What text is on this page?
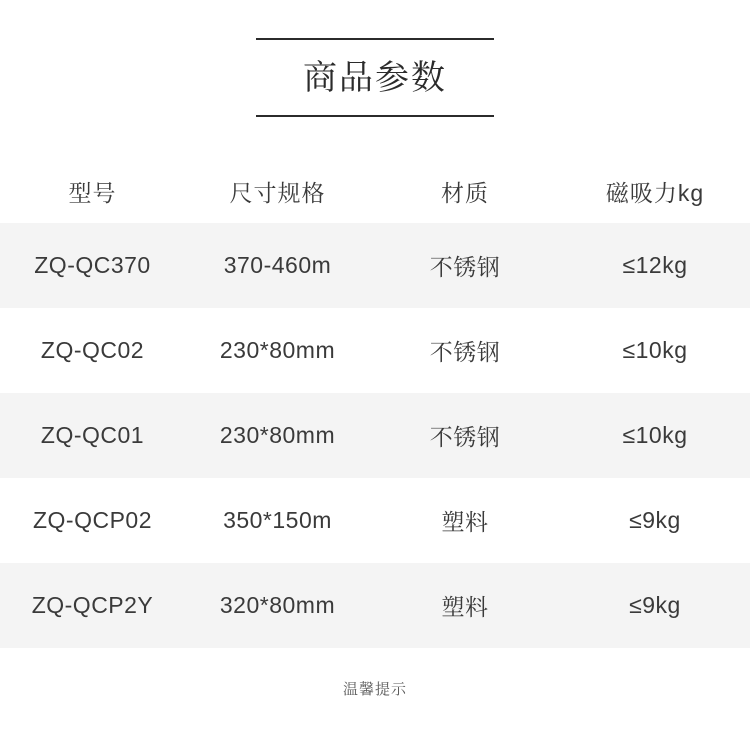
商品参数
型号	尺寸规格	材质	磁吸力kg
ZQ-QC370	370-460m	不锈钢	≤12kg
ZQ-QC02	230*80mm	不锈钢	≤10kg
ZQ-QC01	230*80mm	不锈钢	≤10kg
ZQ-QCP02	350*150m	塑料	≤9kg
ZQ-QCP2Y	320*80mm	塑料	≤9kg
温馨提示
